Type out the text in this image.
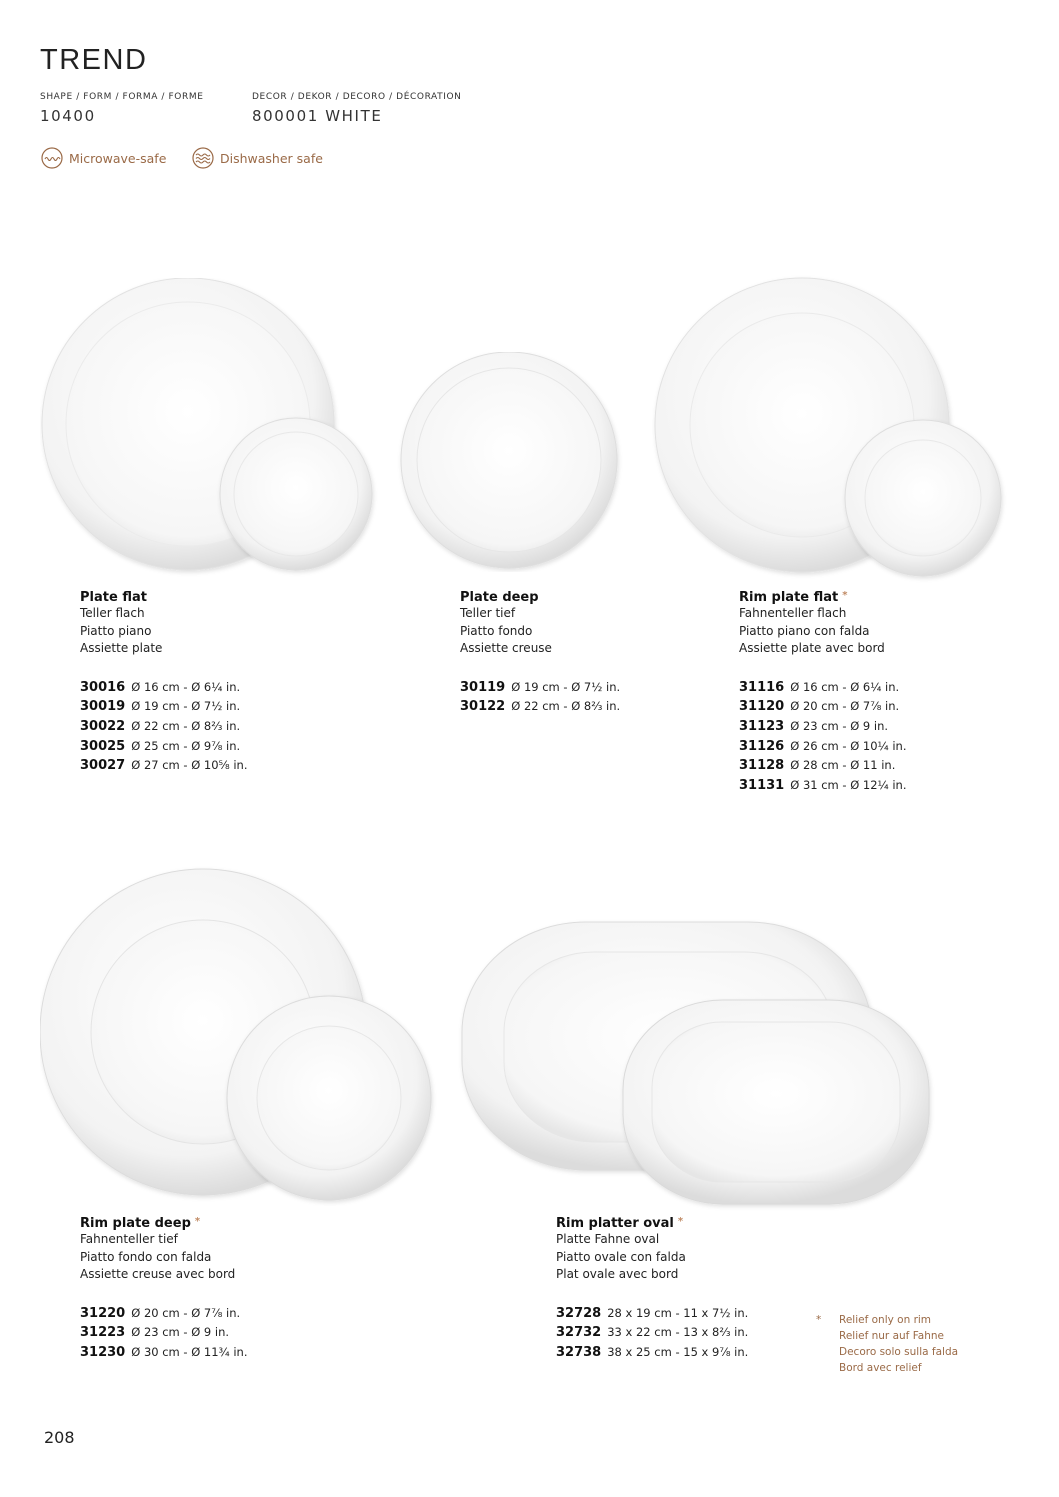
TREND
SHAPE / FORM / FORMA / FORME
10400
DECOR / DEKOR / DECORO / DÉCORATION
800001 WHITE
Microwave-safe	Dishwasher safe
Plate flat
Teller flach
Piatto piano
Assiette plate
30016 Ø 16 cm - Ø 6¼ in.
30019 Ø 19 cm - Ø 7½ in.
30022 Ø 22 cm - Ø 8⅔ in.
30025 Ø 25 cm - Ø 9⅞ in.
30027 Ø 27 cm - Ø 10⅝ in.
Plate deep
Teller tief
Piatto fondo
Assiette creuse
30119 Ø 19 cm - Ø 7½ in.
30122 Ø 22 cm - Ø 8⅔ in.
Rim plate flat *
Fahnenteller flach
Piatto piano con falda
Assiette plate avec bord
31116 Ø 16 cm - Ø 6¼ in.
31120 Ø 20 cm - Ø 7⅞ in.
31123 Ø 23 cm - Ø 9 in.
31126 Ø 26 cm - Ø 10¼ in.
31128 Ø 28 cm - Ø 11 in.
31131 Ø 31 cm - Ø 12¼ in.
Rim plate deep *
Fahnenteller tief
Piatto fondo con falda
Assiette creuse avec bord
31220 Ø 20 cm - Ø 7⅞ in.
31223 Ø 23 cm - Ø 9 in.
31230 Ø 30 cm - Ø 11¾ in.
Rim platter oval *
Platte Fahne oval
Piatto ovale con falda
Plat ovale avec bord
32728 28 x 19 cm - 11 x 7½ in.
32732 33 x 22 cm - 13 x 8⅔ in.
32738 38 x 25 cm - 15 x 9⅞ in.
* Relief only on rim
Relief nur auf Fahne
Decoro solo sulla falda
Bord avec relief
208
